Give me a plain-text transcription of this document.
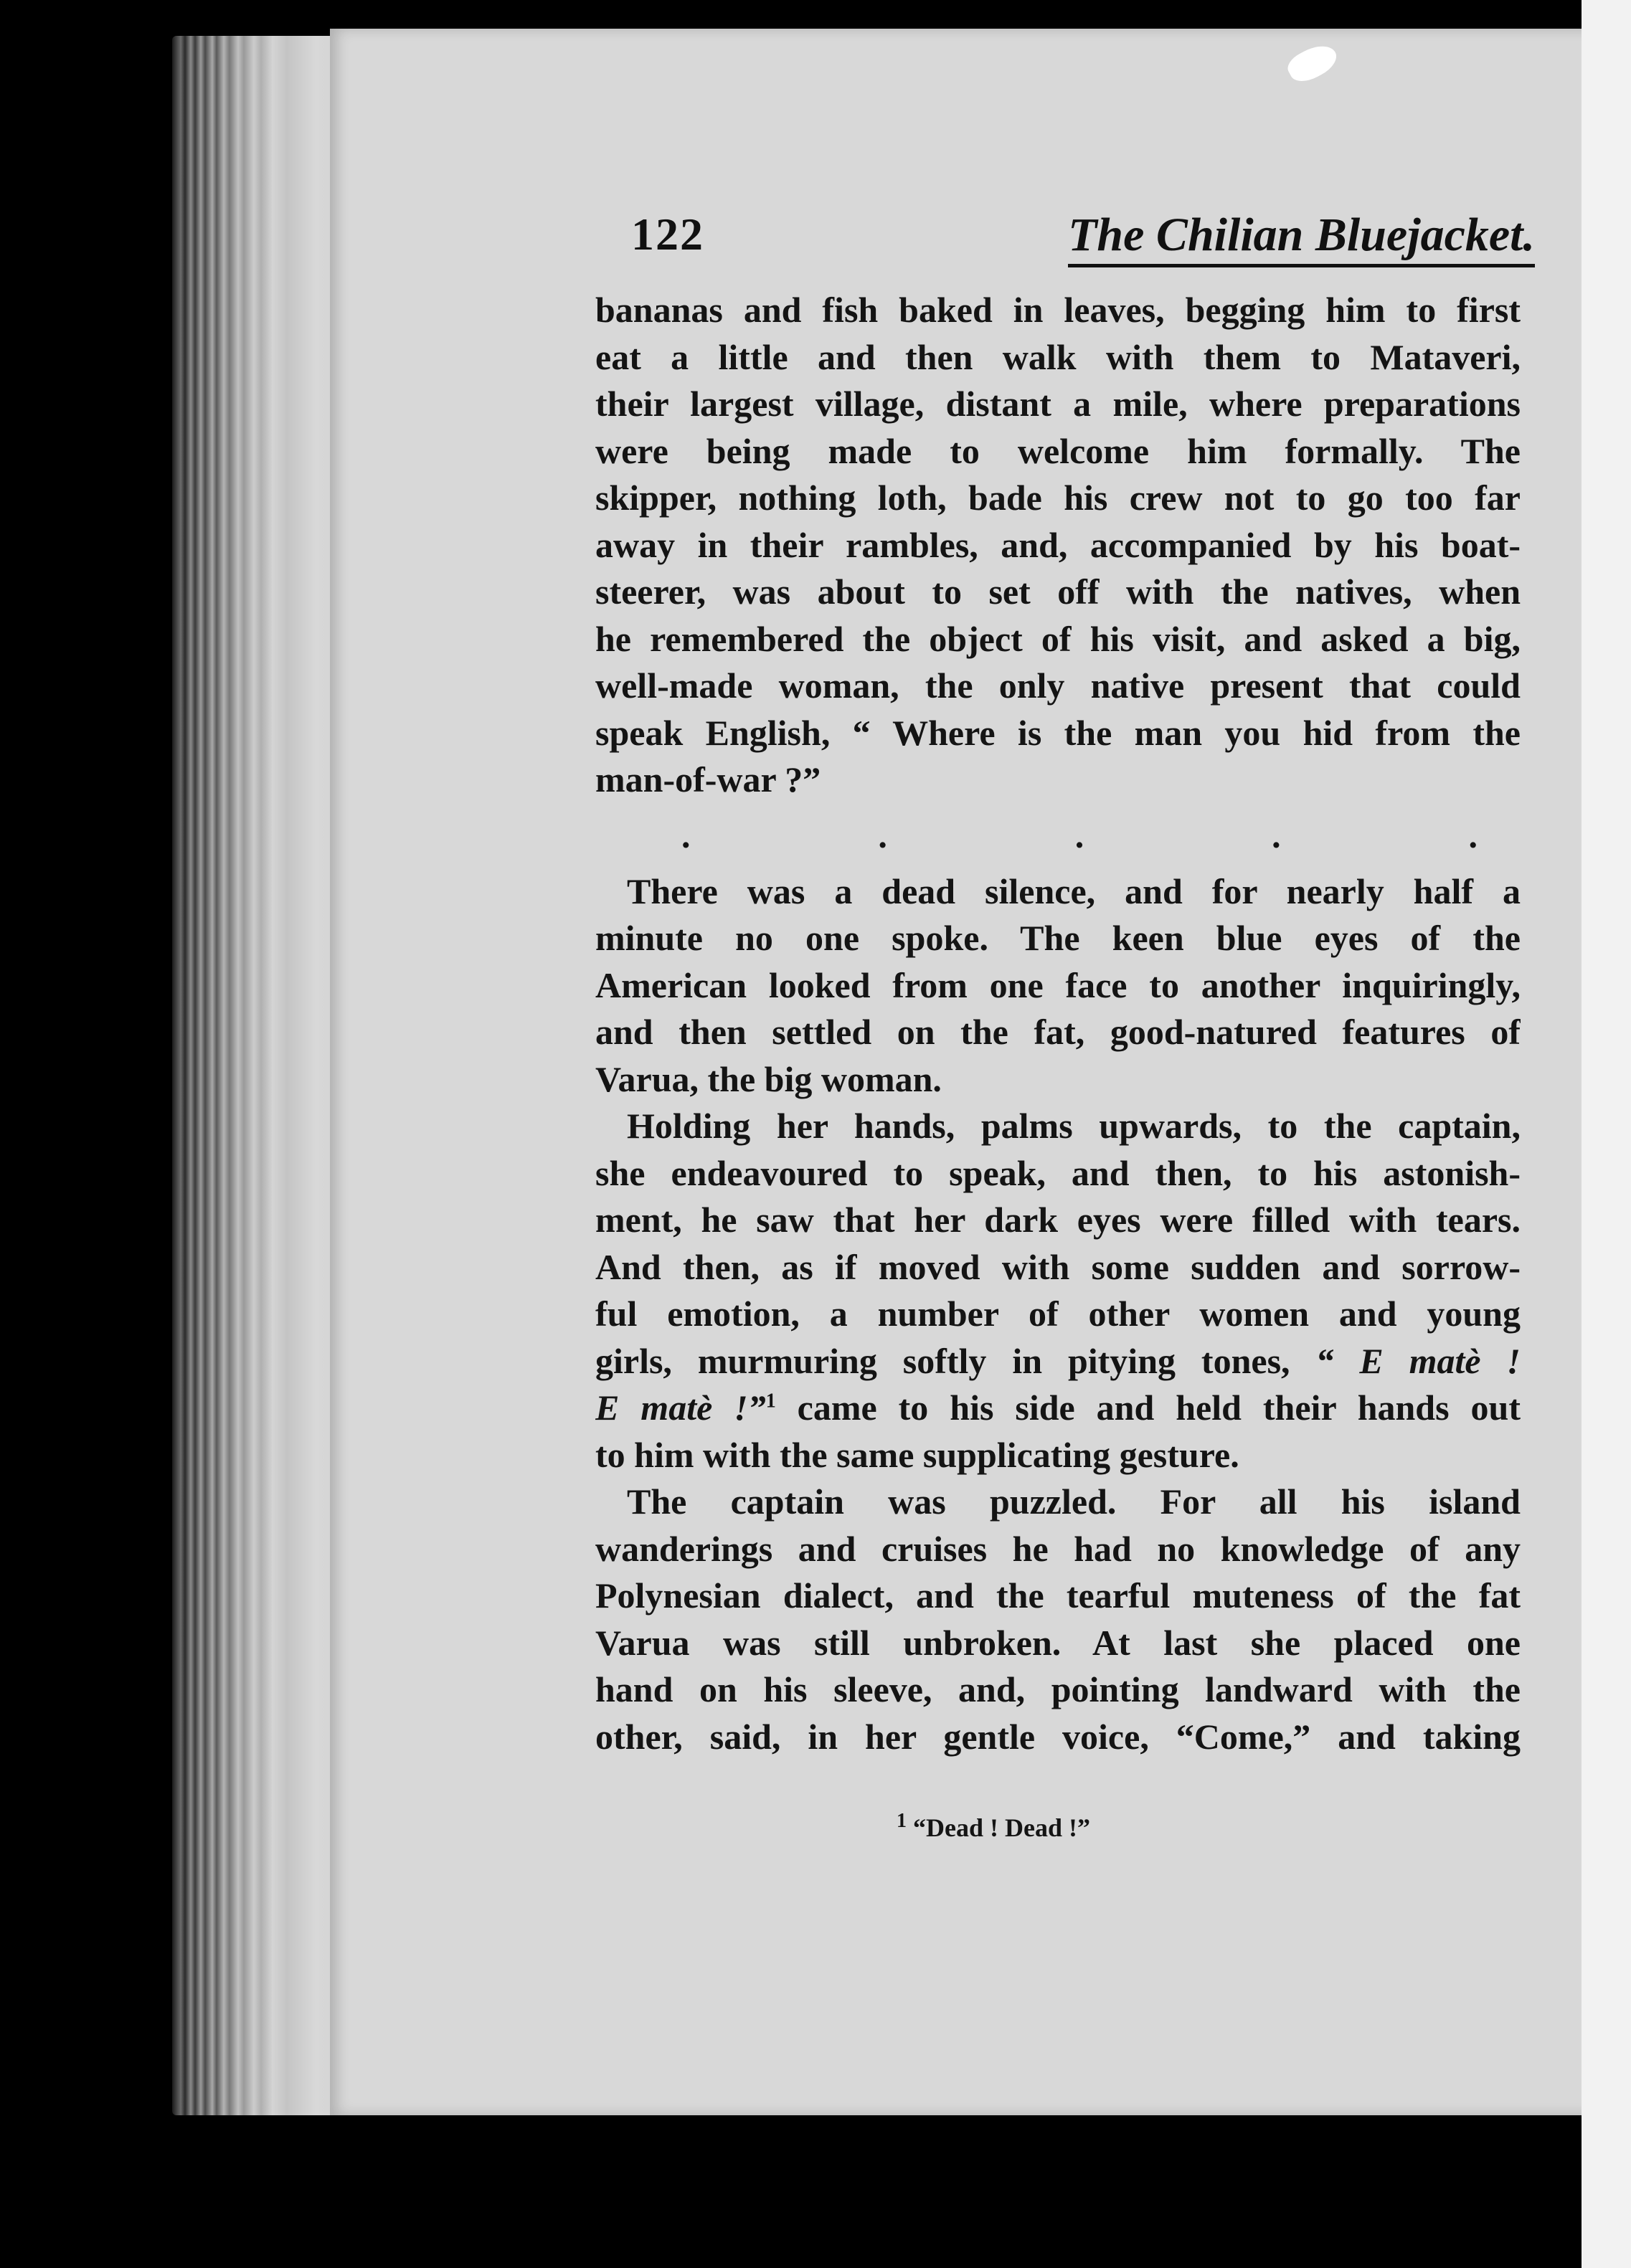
122	The Chilian Bluejacket.
bananas and fish baked in leaves, begging him to first
eat a little and then walk with them to Mataveri,
their largest village, distant a mile, where preparations
were being made to welcome him formally. The
skipper, nothing loth, bade his crew not to go too far
away in their rambles, and, accompanied by his boat-
steerer, was about to set off with the natives, when
he remembered the object of his visit, and asked a big,
well-made woman, the only native present that could
speak English, “ Where is the man you hid from the
man-of-war ?”
.	.	.	.	.
There was a dead silence, and for nearly half a
minute no one spoke. The keen blue eyes of the
American looked from one face to another inquiringly,
and then settled on the fat, good-natured features of
Varua, the big woman.
Holding her hands, palms upwards, to the captain,
she endeavoured to speak, and then, to his astonish-
ment, he saw that her dark eyes were filled with tears.
And then, as if moved with some sudden and sorrow-
ful emotion, a number of other women and young
girls, murmuring softly in pitying tones, “ E matè !
E matè !”$^1$ came to his side and held their hands out
to him with the same supplicating gesture.
The captain was puzzled. For all his island
wanderings and cruises he had no knowledge of any
Polynesian dialect, and the tearful muteness of the fat
Varua was still unbroken. At last she placed one
hand on his sleeve, and, pointing landward with the
other, said, in her gentle voice, “Come,” and taking
$^1$ “Dead ! Dead !”
